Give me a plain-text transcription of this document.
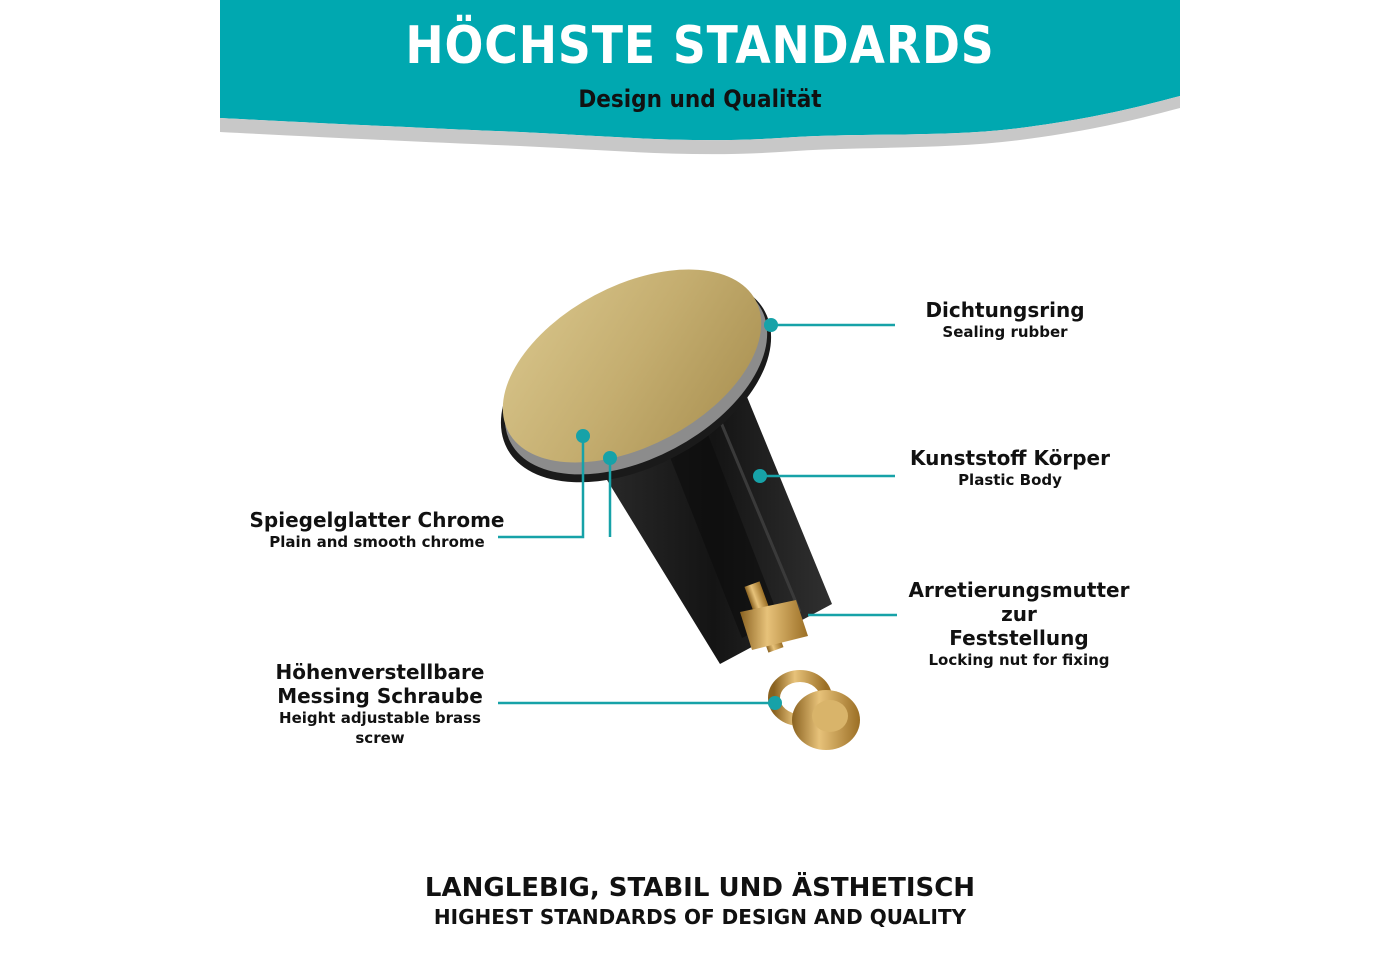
HÖCHSTE STANDARDS
Design und Qualität
Dichtungsring
Sealing rubber
Kunststoff Körper
Plastic Body
Spiegelglatter Chrome
Plain and smooth chrome
Arretierungsmutter zur
Feststellung
Locking nut for fixing
Höhenverstellbare
Messing Schraube
Height adjustable brass screw
LANGLEBIG, STABIL UND ÄSTHETISCH
HIGHEST STANDARDS OF DESIGN AND QUALITY
